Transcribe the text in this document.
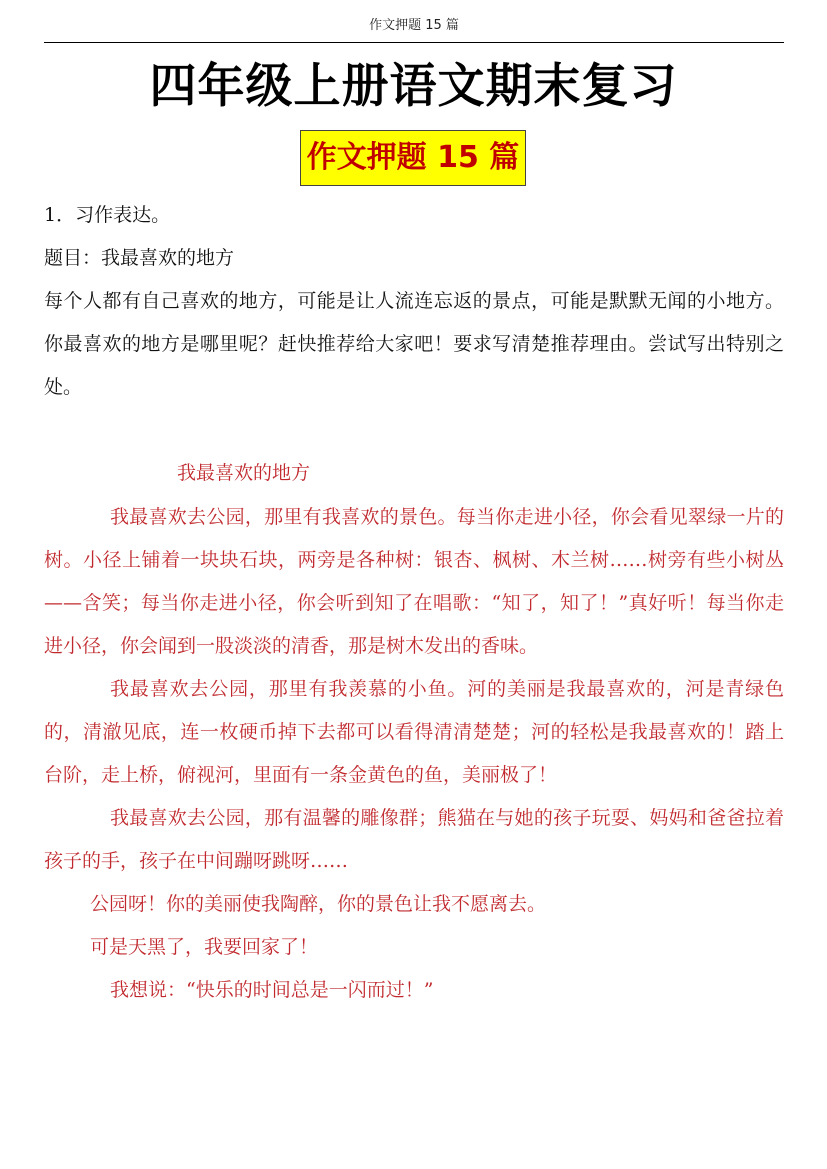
作文押题 15 篇
四年级上册语文期末复习
作文押题 15 篇

1．习作表达。

题目：我最喜欢的地方

每个人都有自己喜欢的地方，可能是让人流连忘返的景点，可能是默默无闻的小地方。你最喜欢的地方是哪里呢？赶快推荐给大家吧！要求写清楚推荐理由。尝试写出特别之处。

我最喜欢的地方

我最喜欢去公园，那里有我喜欢的景色。每当你走进小径，你会看见翠绿一片的树。小径上铺着一块块石块，两旁是各种树：银杏、枫树、木兰树……树旁有些小树丛——含笑；每当你走进小径，你会听到知了在唱歌：“知了，知了！”真好听！每当你走进小径，你会闻到一股淡淡的清香，那是树木发出的香味。

我最喜欢去公园，那里有我羡慕的小鱼。河的美丽是我最喜欢的，河是青绿色的，清澈见底，连一枚硬币掉下去都可以看得清清楚楚；河的轻松是我最喜欢的！踏上台阶，走上桥，俯视河，里面有一条金黄色的鱼，美丽极了！

我最喜欢去公园，那有温馨的雕像群；熊猫在与她的孩子玩耍、妈妈和爸爸拉着孩子的手，孩子在中间蹦呀跳呀……

公园呀！你的美丽使我陶醉，你的景色让我不愿离去。

可是天黑了，我要回家了！

我想说：“快乐的时间总是一闪而过！”
